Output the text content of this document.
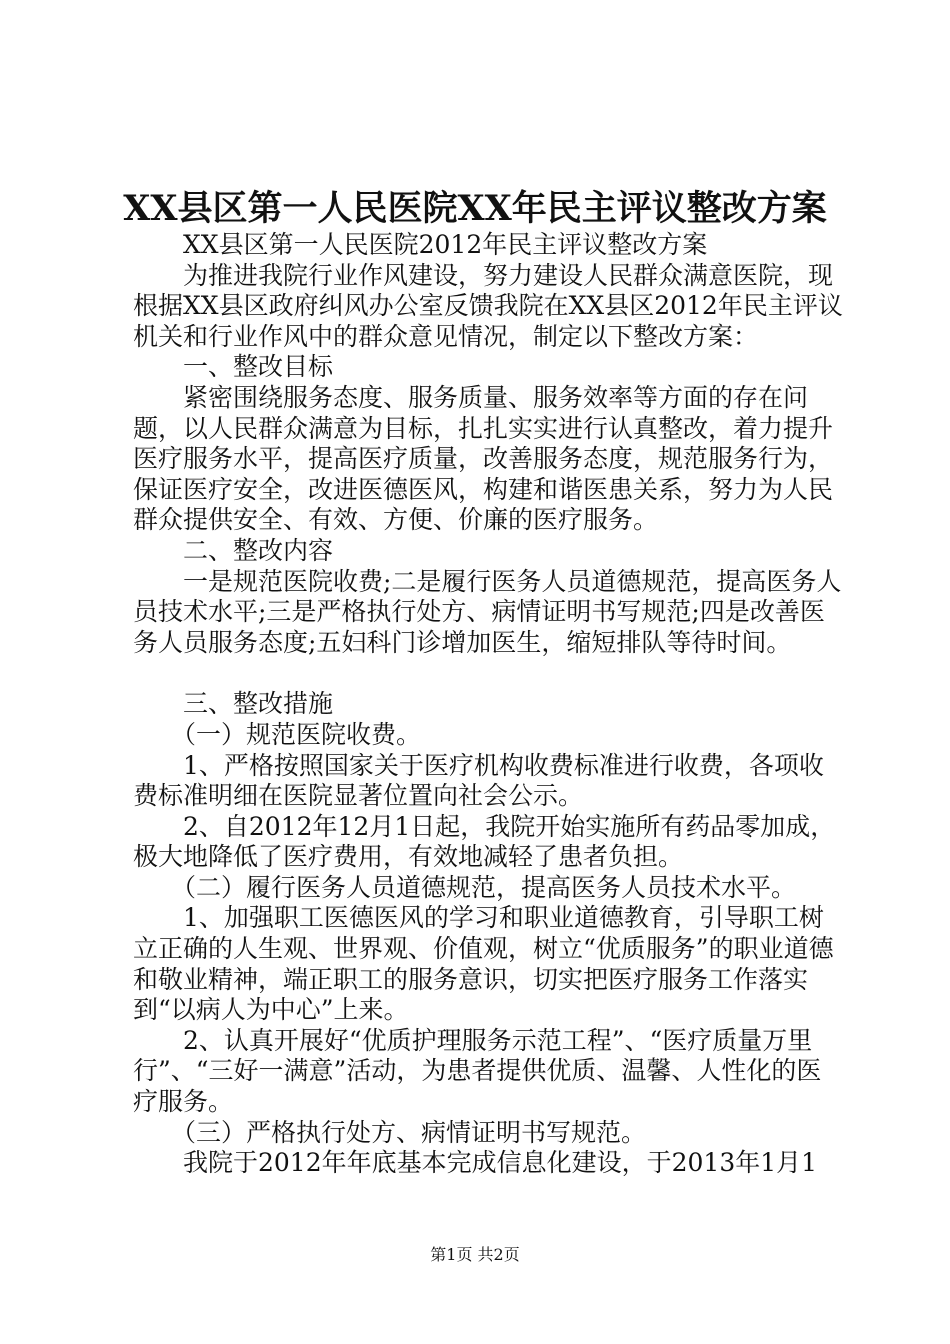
XX县区第一人民医院XX年民主评议整改方案

XX县区第一人民医院2012年民主评议整改方案

为推进我院行业作风建设，努力建设人民群众满意医院，现根据XX县区政府纠风办公室反馈我院在XX县区2012年民主评议机关和行业作风中的群众意见情况，制定以下整改方案：

一、整改目标

紧密围绕服务态度、服务质量、服务效率等方面的存在问题，以人民群众满意为目标，扎扎实实进行认真整改，着力提升医疗服务水平，提高医疗质量，改善服务态度，规范服务行为，保证医疗安全，改进医德医风，构建和谐医患关系，努力为人民群众提供安全、有效、方便、价廉的医疗服务。

二、整改内容

一是规范医院收费;二是履行医务人员道德规范，提高医务人员技术水平;三是严格执行处方、病情证明书写规范;四是改善医务人员服务态度;五妇科门诊增加医生，缩短排队等待时间。

三、整改措施

（一）规范医院收费。

1、严格按照国家关于医疗机构收费标准进行收费，各项收费标准明细在医院显著位置向社会公示。

2、自2012年12月1日起，我院开始实施所有药品零加成，极大地降低了医疗费用，有效地减轻了患者负担。

（二）履行医务人员道德规范，提高医务人员技术水平。

1、加强职工医德医风的学习和职业道德教育，引导职工树立正确的人生观、世界观、价值观，树立“优质服务”的职业道德和敬业精神，端正职工的服务意识，切实把医疗服务工作落实到“以病人为中心”上来。

2、认真开展好“优质护理服务示范工程”、“医疗质量万里行”、“三好一满意”活动，为患者提供优质、温馨、人性化的医疗服务。

（三）严格执行处方、病情证明书写规范。

我院于2012年年底基本完成信息化建设，于2013年1月1

第1页 共2页
